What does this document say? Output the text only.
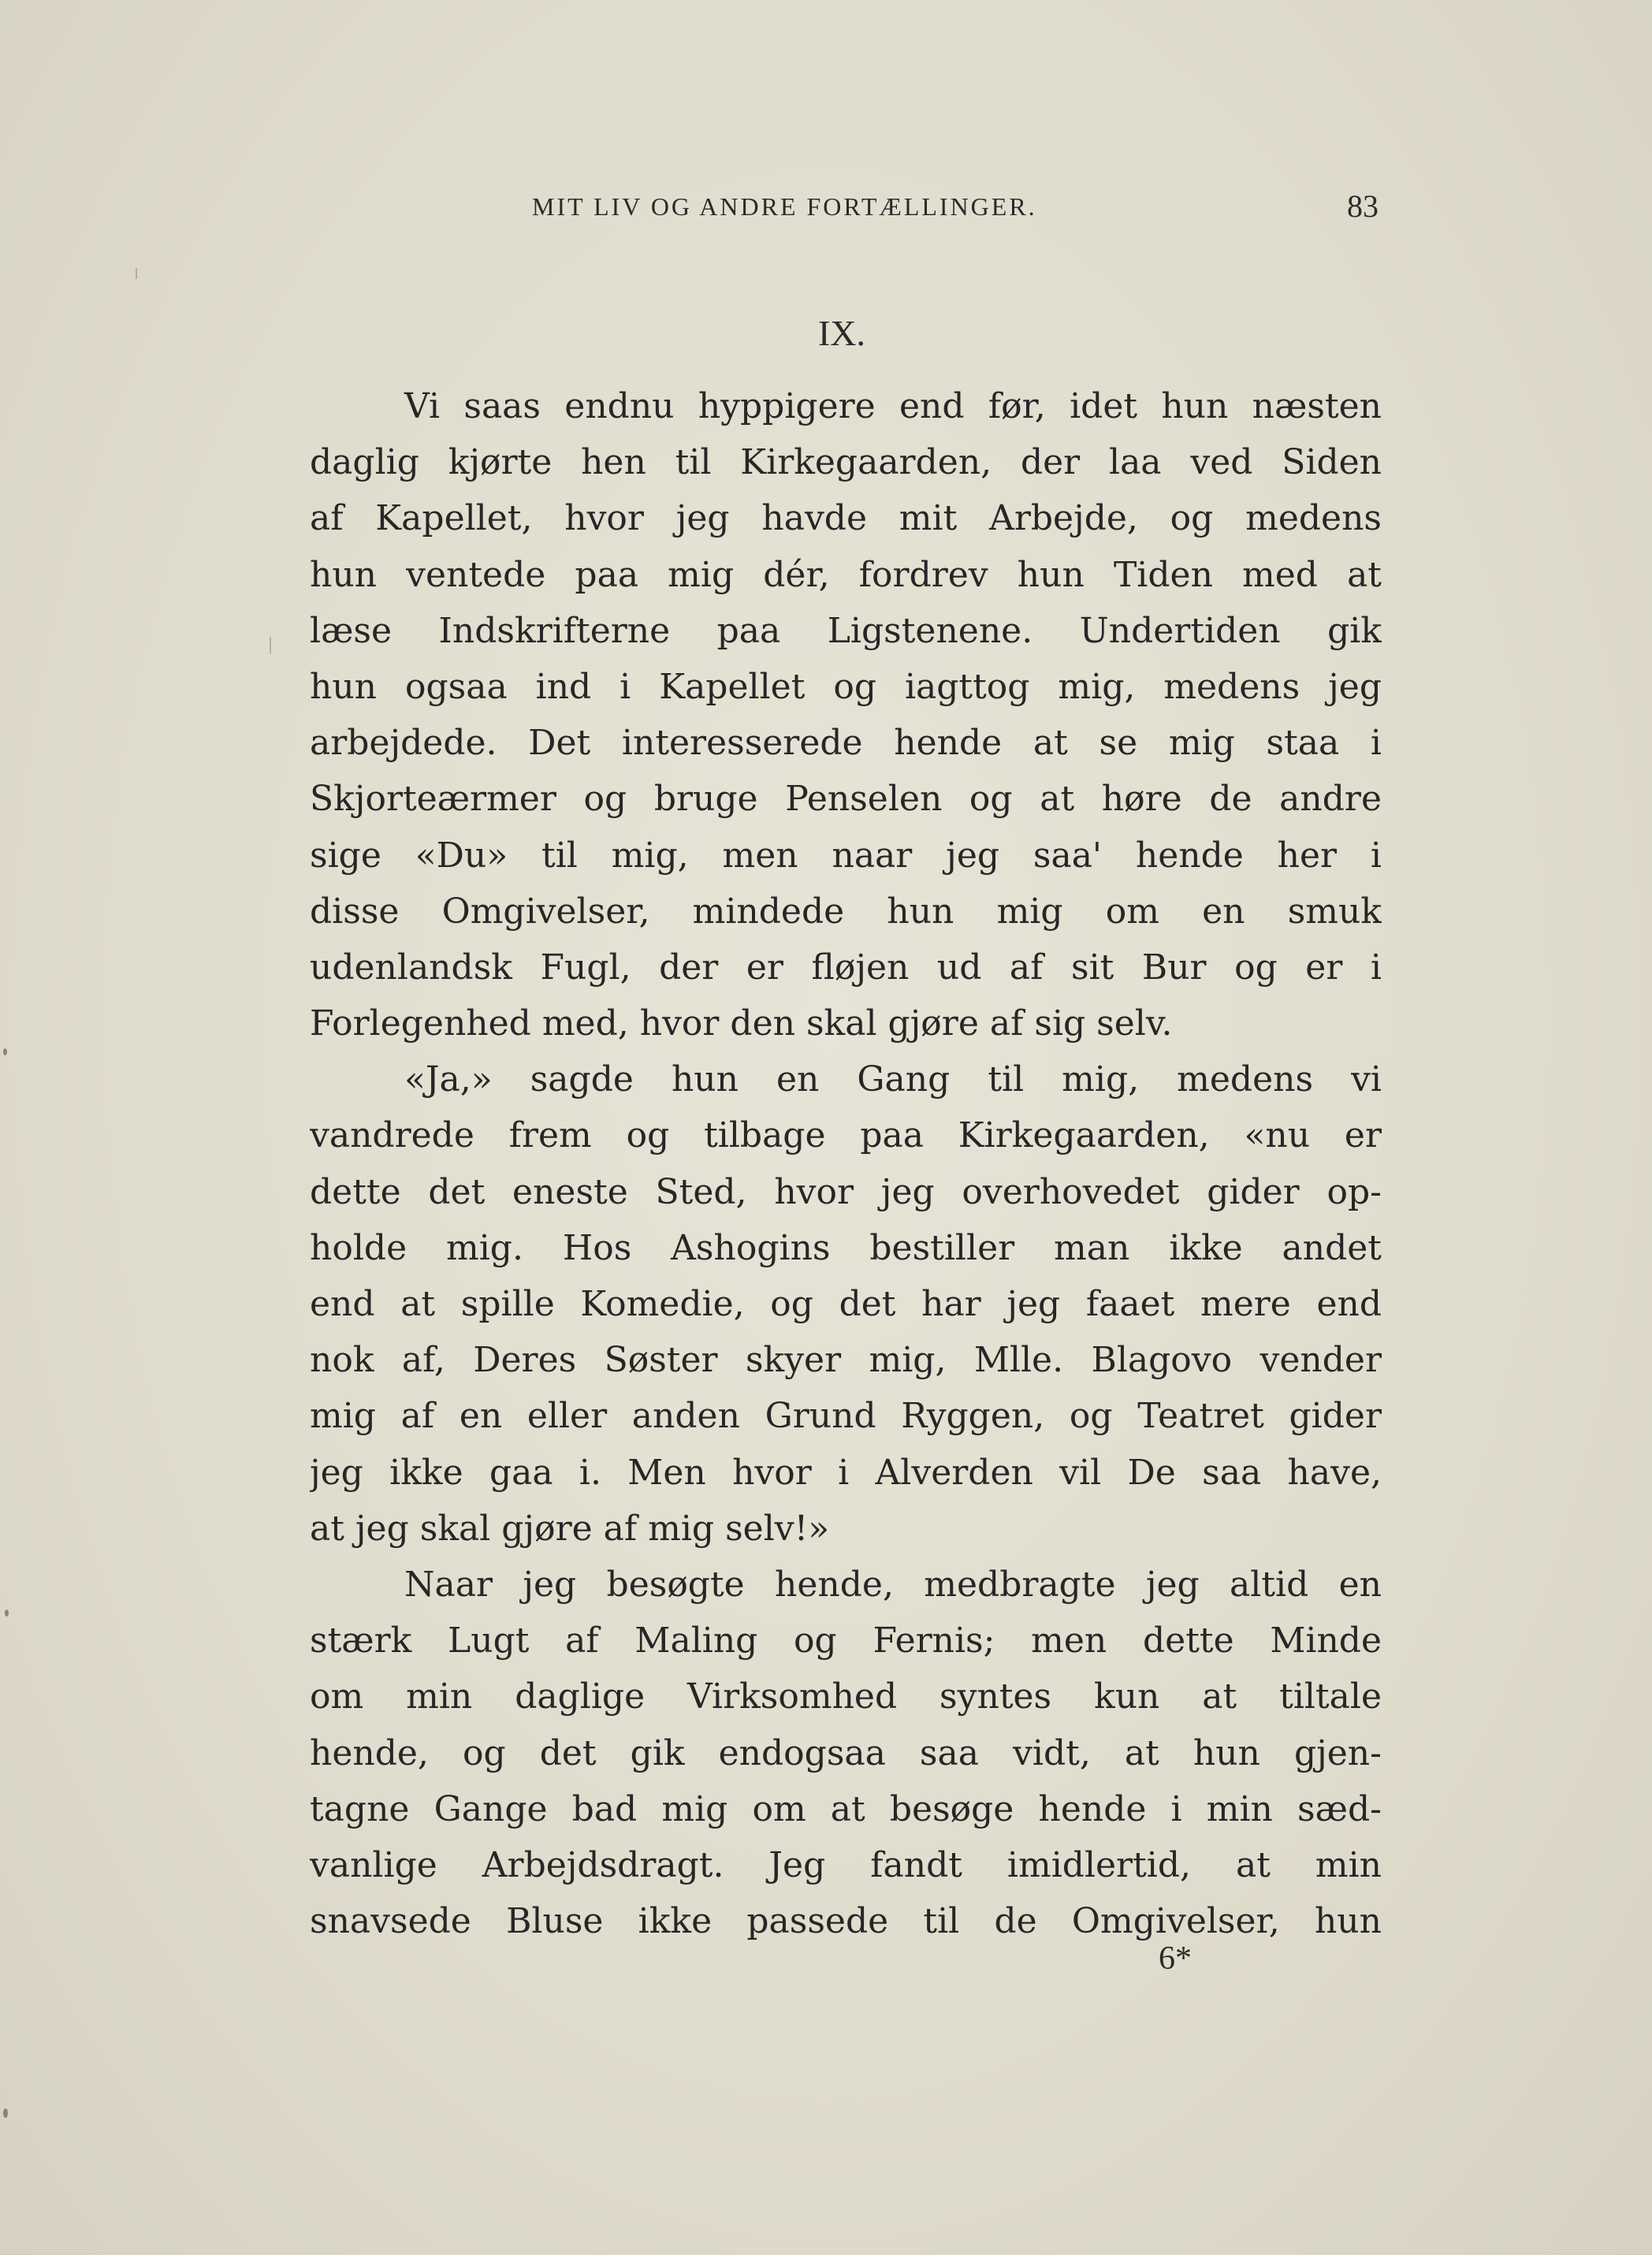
MIT LIV OG ANDRE FORTÆLLINGER.	83
IX.
Vi saas endnu hyppigere end før, idet hun næsten
daglig kjørte hen til Kirkegaarden, der laa ved Siden
af Kapellet, hvor jeg havde mit Arbejde, og medens
hun ventede paa mig dér, fordrev hun Tiden med at
læse Indskrifterne paa Ligstenene. Undertiden gik
hun ogsaa ind i Kapellet og iagttog mig, medens jeg
arbejdede. Det interesserede hende at se mig staa i
Skjorteærmer og bruge Penselen og at høre de andre
sige «Du» til mig, men naar jeg saa' hende her i
disse Omgivelser, mindede hun mig om en smuk
udenlandsk Fugl, der er fløjen ud af sit Bur og er i
Forlegenhed med, hvor den skal gjøre af sig selv.
«Ja,» sagde hun en Gang til mig, medens vi
vandrede frem og tilbage paa Kirkegaarden, «nu er
dette det eneste Sted, hvor jeg overhovedet gider op-
holde mig. Hos Ashogins bestiller man ikke andet
end at spille Komedie, og det har jeg faaet mere end
nok af, Deres Søster skyer mig, Mlle. Blagovo vender
mig af en eller anden Grund Ryggen, og Teatret gider
jeg ikke gaa i. Men hvor i Alverden vil De saa have,
at jeg skal gjøre af mig selv!»
Naar jeg besøgte hende, medbragte jeg altid en
stærk Lugt af Maling og Fernis; men dette Minde
om min daglige Virksomhed syntes kun at tiltale
hende, og det gik endogsaa saa vidt, at hun gjen-
tagne Gange bad mig om at besøge hende i min sæd-
vanlige Arbejdsdragt. Jeg fandt imidlertid, at min
snavsede Bluse ikke passede til de Omgivelser, hun
6*
